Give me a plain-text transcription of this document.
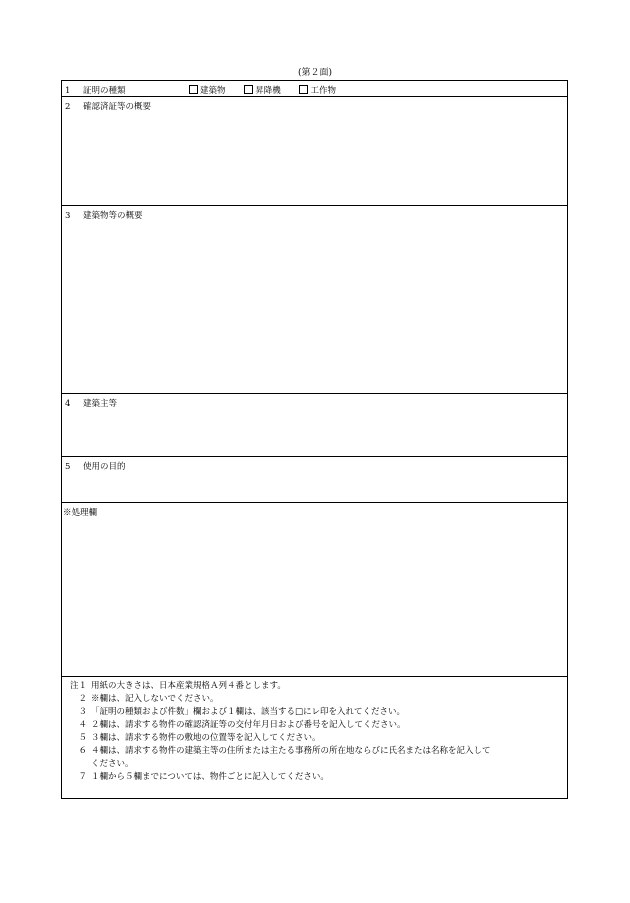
(第２面)
1 証明の種類	建築物	昇降機	工作物
2 確認済証等の概要
3 建築物等の概要
4 建築主等
5 使用の目的
※処理欄
注１ 用紙の大きさは、日本産業規格Ａ列４番とします。
２ ※欄は、記入しないでください。
３ 「証明の種類および件数」欄および１欄は、該当する□にレ印を入れてください。
４ ２欄は、請求する物件の確認済証等の交付年月日および番号を記入してください。
５ ３欄は、請求する物件の敷地の位置等を記入してください。
６ ４欄は、請求する物件の建築主等の住所または主たる事務所の所在地ならびに氏名または名称を記入して
ください。
７ １欄から５欄までについては、物件ごとに記入してください。
